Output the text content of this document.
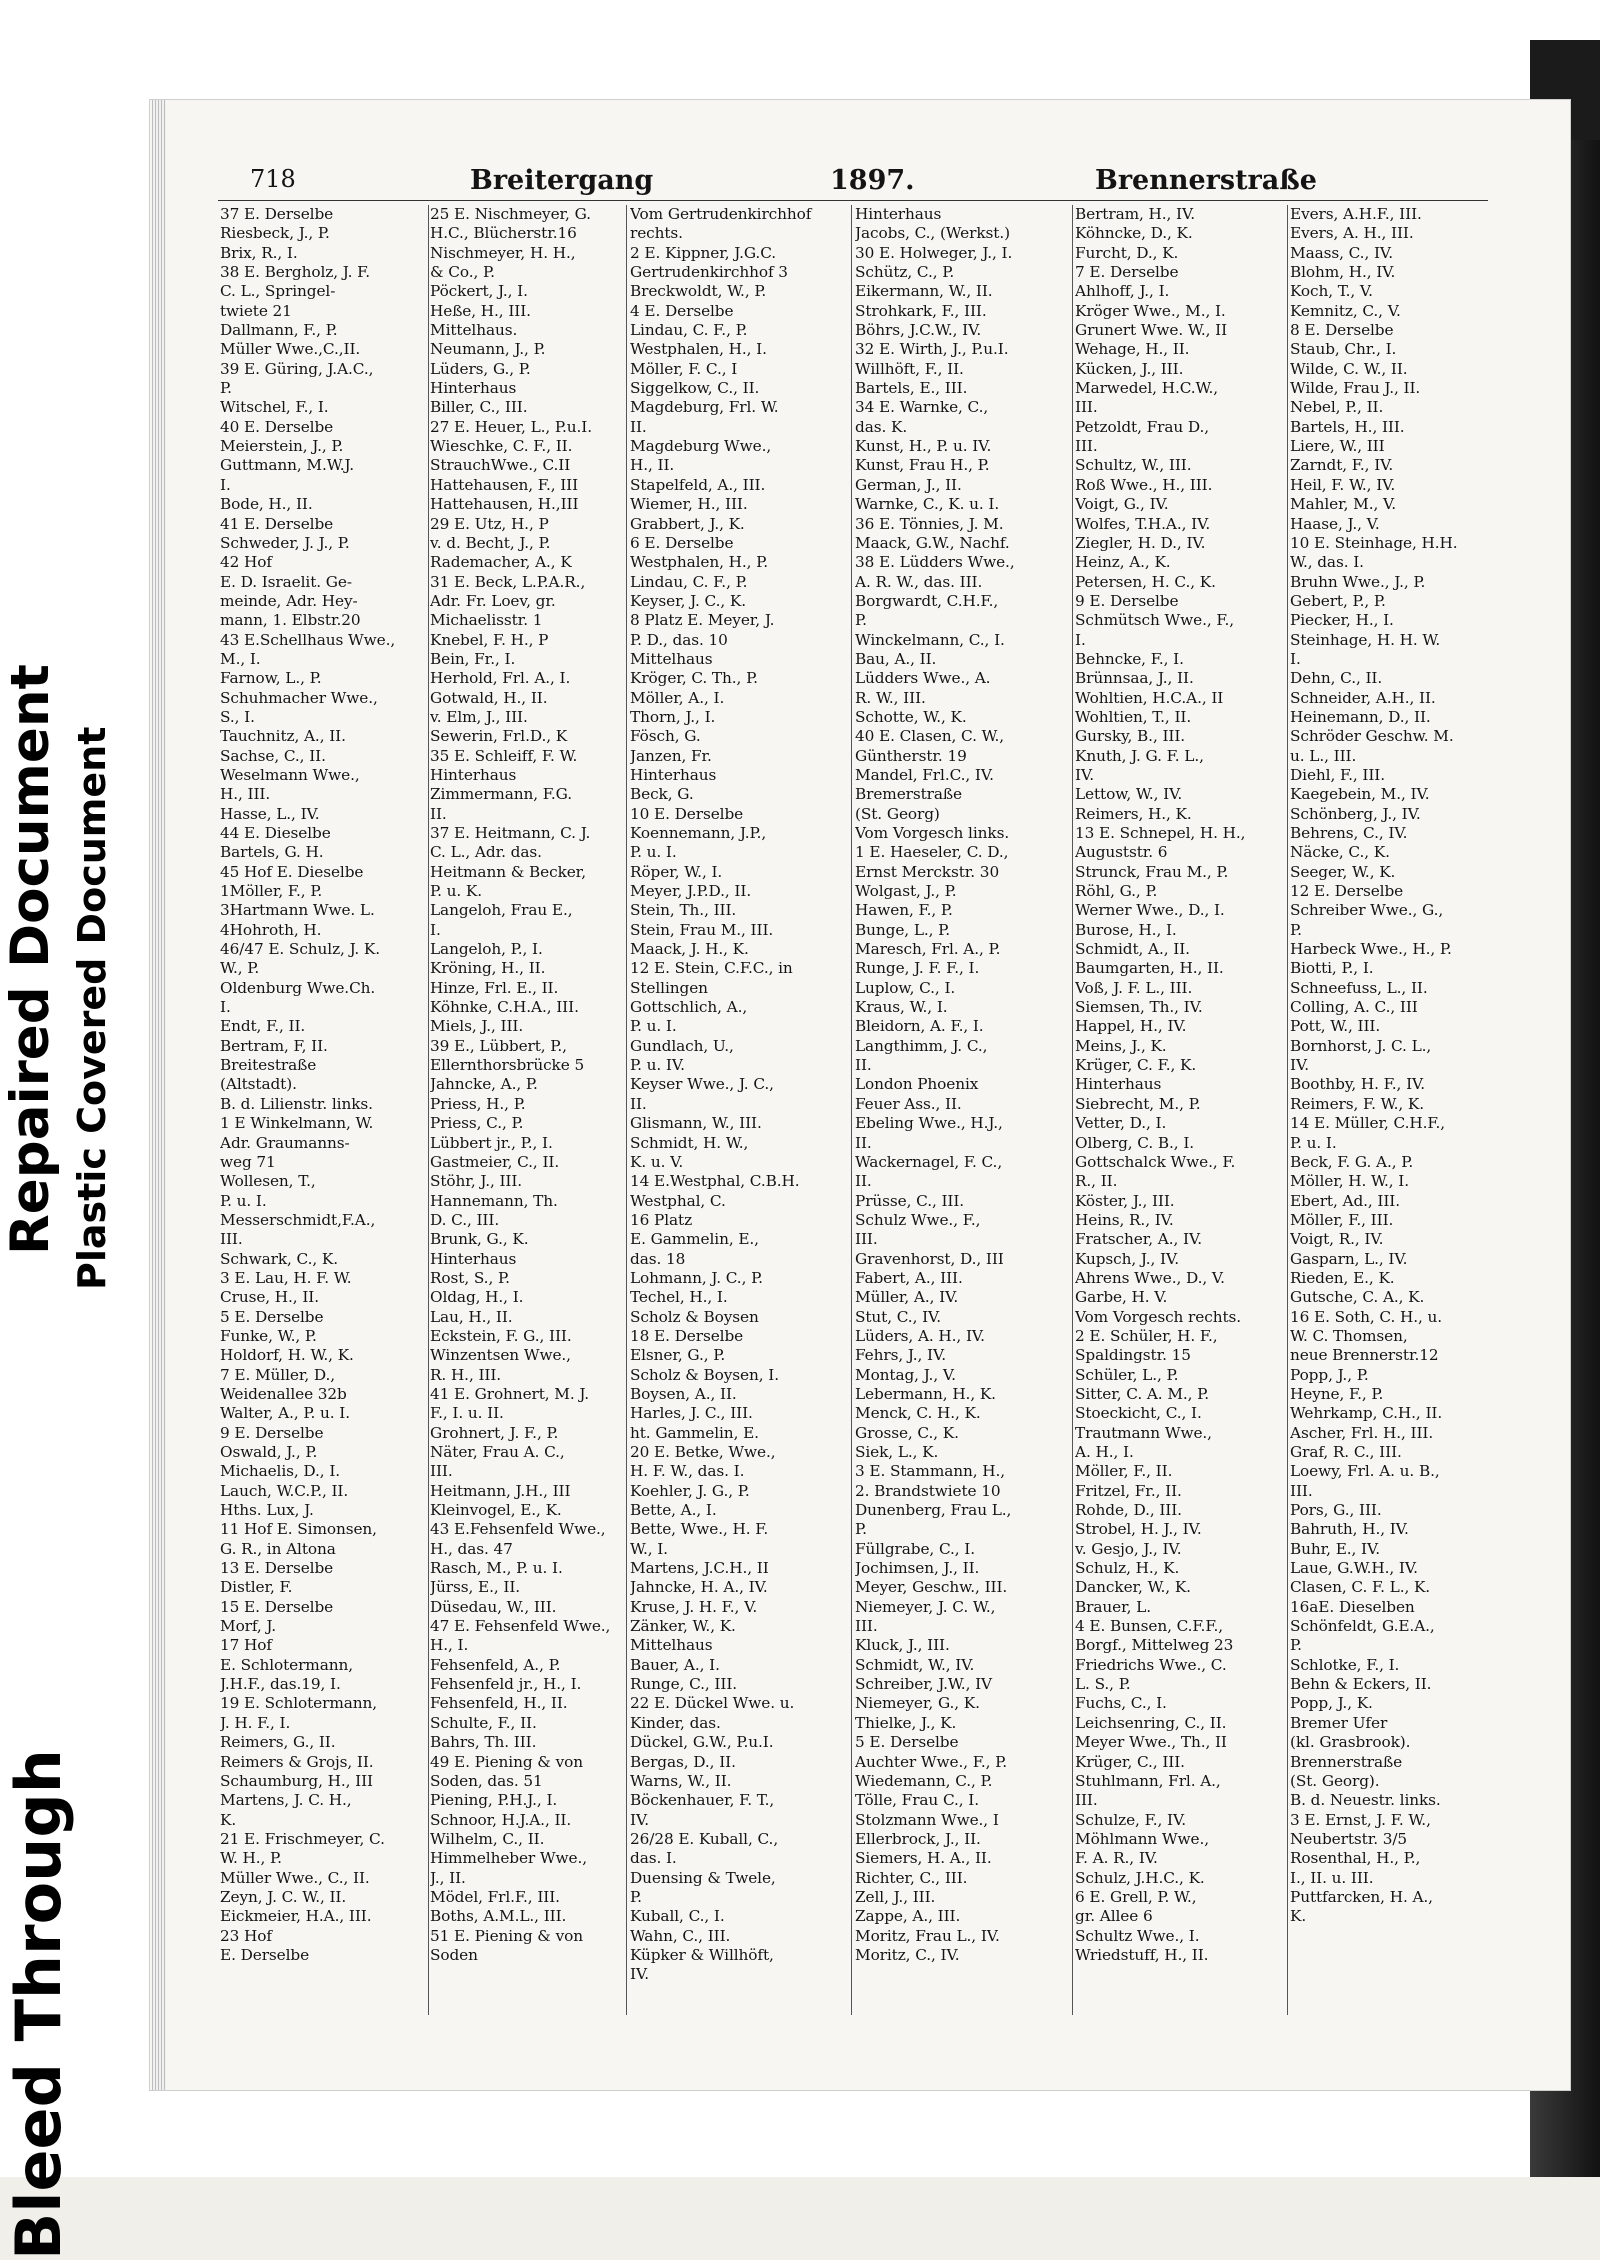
Bleed Through
Repaired Document Plastic Covered Document
718	Breitergang	1897.	Brennerstraße
37 E. Derselbe
Riesbeck, J., P.
Brix, R., I.
38 E. Bergholz, J. F.
C. L., Springel-
twiete 21
Dallmann, F., P.
Müller Wwe.,C.,II.
39 E. Güring, J.A.C.,
P.
Witschel, F., I.
40 E. Derselbe
Meierstein, J., P.
Guttmann, M.W.J.
I.
Bode, H., II.
41 E. Derselbe
Schweder, J. J., P.
42 Hof
E. D. Israelit. Ge-
meinde, Adr. Hey-
mann, 1. Elbstr.20
43 E.Schellhaus Wwe.,
M., I.
Farnow, L., P.
Schuhmacher Wwe.,
S., I.
Tauchnitz, A., II.
Sachse, C., II.
Weselmann Wwe.,
H., III.
Hasse, L., IV.
44 E. Dieselbe
Bartels, G. H.
45 Hof E. Dieselbe
1Möller, F., P.
3Hartmann Wwe. L.
4Hohroth, H.
46/47 E. Schulz, J. K.
W., P.
Oldenburg Wwe.Ch.
I.
Endt, F., II.
Bertram, F, II.
Breitestraße
(Altstadt).
B. d. Lilienstr. links.
1 E Winkelmann, W.
Adr. Graumanns-
weg 71
Wollesen, T.,
P. u. I.
Messerschmidt,F.A.,
III.
Schwark, C., K.
3 E. Lau, H. F. W.
Cruse, H., II.
5 E. Derselbe
Funke, W., P.
Holdorf, H. W., K.
7 E. Müller, D.,
Weidenallee 32b
Walter, A., P. u. I.
9 E. Derselbe
Oswald, J., P.
Michaelis, D., I.
Lauch, W.C.P., II.
Hths. Lux, J.
11 Hof E. Simonsen,
G. R., in Altona
13 E. Derselbe
Distler, F.
15 E. Derselbe
Morf, J.
17 Hof
E. Schlotermann,
J.H.F., das.19, I.
19 E. Schlotermann,
J. H. F., I.
Reimers, G., II.
Reimers & Grojs, II.
Schaumburg, H., III
Martens, J. C. H.,
K.
21 E. Frischmeyer, C.
W. H., P.
Müller Wwe., C., II.
Zeyn, J. C. W., II.
Eickmeier, H.A., III.
23 Hof
E. Derselbe
25 E. Nischmeyer, G.
H.C., Blücherstr.16
Nischmeyer, H. H.,
& Co., P.
Pöckert, J., I.
Heße, H., III.
Mittelhaus.
Neumann, J., P.
Lüders, G., P.
Hinterhaus
Biller, C., III.
27 E. Heuer, L., P.u.I.
Wieschke, C. F., II.
StrauchWwe., C.II
Hattehausen, F., III
Hattehausen, H.,III
29 E. Utz, H., P
v. d. Becht, J., P.
Rademacher, A., K
31 E. Beck, L.P.A.R.,
Adr. Fr. Loev, gr.
Michaelisstr. 1
Knebel, F. H., P
Bein, Fr., I.
Herhold, Frl. A., I.
Gotwald, H., II.
v. Elm, J., III.
Sewerin, Frl.D., K
35 E. Schleiff, F. W.
Hinterhaus
Zimmermann, F.G.
II.
37 E. Heitmann, C. J.
C. L., Adr. das.
Heitmann & Becker,
P. u. K.
Langeloh, Frau E.,
I.
Langeloh, P., I.
Kröning, H., II.
Hinze, Frl. E., II.
Köhnke, C.H.A., III.
Miels, J., III.
39 E., Lübbert, P.,
Ellernthorsbrücke 5
Jahncke, A., P.
Priess, H., P.
Priess, C., P.
Lübbert jr., P., I.
Gastmeier, C., II.
Stöhr, J., III.
Hannemann, Th.
D. C., III.
Brunk, G., K.
Hinterhaus
Rost, S., P.
Oldag, H., I.
Lau, H., II.
Eckstein, F. G., III.
Winzentsen Wwe.,
R. H., III.
41 E. Grohnert, M. J.
F., I. u. II.
Grohnert, J. F., P.
Näter, Frau A. C.,
III.
Heitmann, J.H., III
Kleinvogel, E., K.
43 E.Fehsenfeld Wwe.,
H., das. 47
Rasch, M., P. u. I.
Jürss, E., II.
Düsedau, W., III.
47 E. Fehsenfeld Wwe.,
H., I.
Fehsenfeld, A., P.
Fehsenfeld jr., H., I.
Fehsenfeld, H., II.
Schulte, F., II.
Bahrs, Th. III.
49 E. Piening & von
Soden, das. 51
Piening, P.H.J., I.
Schnoor, H.J.A., II.
Wilhelm, C., II.
Himmelheber Wwe.,
J., II.
Mödel, Frl.F., III.
Boths, A.M.L., III.
51 E. Piening & von
Soden
Vom Gertrudenkirchhof
rechts.
2 E. Kippner, J.G.C.
Gertrudenkirchhof 3
Breckwoldt, W., P.
4 E. Derselbe
Lindau, C. F., P.
Westphalen, H., I.
Möller, F. C., I
Siggelkow, C., II.
Magdeburg, Frl. W.
II.
Magdeburg Wwe.,
H., II.
Stapelfeld, A., III.
Wiemer, H., III.
Grabbert, J., K.
6 E. Derselbe
Westphalen, H., P.
Lindau, C. F., P.
Keyser, J. C., K.
8 Platz E. Meyer, J.
P. D., das. 10
Mittelhaus
Kröger, C. Th., P.
Möller, A., I.
Thorn, J., I.
Fösch, G.
Janzen, Fr.
Hinterhaus
Beck, G.
10 E. Derselbe
Koennemann, J.P.,
P. u. I.
Röper, W., I.
Meyer, J.P.D., II.
Stein, Th., III.
Stein, Frau M., III.
Maack, J. H., K.
12 E. Stein, C.F.C., in
Stellingen
Gottschlich, A.,
P. u. I.
Gundlach, U.,
P. u. IV.
Keyser Wwe., J. C.,
II.
Glismann, W., III.
Schmidt, H. W.,
K. u. V.
14 E.Westphal, C.B.H.
Westphal, C.
16 Platz
E. Gammelin, E.,
das. 18
Lohmann, J. C., P.
Techel, H., I.
Scholz & Boysen
18 E. Derselbe
Elsner, G., P.
Scholz & Boysen, I.
Boysen, A., II.
Harles, J. C., III.
ht. Gammelin, E.
20 E. Betke, Wwe.,
H. F. W., das. I.
Koehler, J. G., P.
Bette, A., I.
Bette, Wwe., H. F.
W., I.
Martens, J.C.H., II
Jahncke, H. A., IV.
Kruse, J. H. F., V.
Zänker, W., K.
Mittelhaus
Bauer, A., I.
Runge, C., III.
22 E. Dückel Wwe. u.
Kinder, das.
Dückel, G.W., P.u.I.
Bergas, D., II.
Warns, W., II.
Böckenhauer, F. T.,
IV.
26/28 E. Kuball, C.,
das. I.
Duensing & Twele,
P.
Kuball, C., I.
Wahn, C., III.
Küpker & Willhöft,
IV.
Hinterhaus
Jacobs, C., (Werkst.)
30 E. Holweger, J., I.
Schütz, C., P.
Eikermann, W., II.
Strohkark, F., III.
Böhrs, J.C.W., IV.
32 E. Wirth, J., P.u.I.
Willhöft, F., II.
Bartels, E., III.
34 E. Warnke, C.,
das. K.
Kunst, H., P. u. IV.
Kunst, Frau H., P.
German, J., II.
Warnke, C., K. u. I.
36 E. Tönnies, J. M.
Maack, G.W., Nachf.
38 E. Lüdders Wwe.,
A. R. W., das. III.
Borgwardt, C.H.F.,
P.
Winckelmann, C., I.
Bau, A., II.
Lüdders Wwe., A.
R. W., III.
Schotte, W., K.
40 E. Clasen, C. W.,
Güntherstr. 19
Mandel, Frl.C., IV.
Bremerstraße
(St. Georg)
Vom Vorgesch links.
1 E. Haeseler, C. D.,
Ernst Merckstr. 30
Wolgast, J., P.
Hawen, F., P.
Bunge, L., P.
Maresch, Frl. A., P.
Runge, J. F. F., I.
Luplow, C., I.
Kraus, W., I.
Bleidorn, A. F., I.
Langthimm, J. C.,
II.
London Phoenix
Feuer Ass., II.
Ebeling Wwe., H.J.,
II.
Wackernagel, F. C.,
II.
Prüsse, C., III.
Schulz Wwe., F.,
III.
Gravenhorst, D., III
Fabert, A., III.
Müller, A., IV.
Stut, C., IV.
Lüders, A. H., IV.
Fehrs, J., IV.
Montag, J., V.
Lebermann, H., K.
Menck, C. H., K.
Grosse, C., K.
Siek, L., K.
3 E. Stammann, H.,
2. Brandstwiete 10
Dunenberg, Frau L.,
P.
Füllgrabe, C., I.
Jochimsen, J., II.
Meyer, Geschw., III.
Niemeyer, J. C. W.,
III.
Kluck, J., III.
Schmidt, W., IV.
Schreiber, J.W., IV
Niemeyer, G., K.
Thielke, J., K.
5 E. Derselbe
Auchter Wwe., F., P.
Wiedemann, C., P.
Tölle, Frau C., I.
Stolzmann Wwe., I
Ellerbrock, J., II.
Siemers, H. A., II.
Richter, C., III.
Zell, J., III.
Zappe, A., III.
Moritz, Frau L., IV.
Moritz, C., IV.
Bertram, H., IV.
Köhncke, D., K.
Furcht, D., K.
7 E. Derselbe
Ahlhoff, J., I.
Kröger Wwe., M., I.
Grunert Wwe. W., II
Wehage, H., II.
Kücken, J., III.
Marwedel, H.C.W.,
III.
Petzoldt, Frau D.,
III.
Schultz, W., III.
Roß Wwe., H., III.
Voigt, G., IV.
Wolfes, T.H.A., IV.
Ziegler, H. D., IV.
Heinz, A., K.
Petersen, H. C., K.
9 E. Derselbe
Schmütsch Wwe., F.,
I.
Behncke, F., I.
Brünnsaa, J., II.
Wohltien, H.C.A., II
Wohltien, T., II.
Gursky, B., III.
Knuth, J. G. F. L.,
IV.
Lettow, W., IV.
Reimers, H., K.
13 E. Schnepel, H. H.,
Auguststr. 6
Strunck, Frau M., P.
Röhl, G., P.
Werner Wwe., D., I.
Burose, H., I.
Schmidt, A., II.
Baumgarten, H., II.
Voß, J. F. L., III.
Siemsen, Th., IV.
Happel, H., IV.
Meins, J., K.
Krüger, C. F., K.
Hinterhaus
Siebrecht, M., P.
Vetter, D., I.
Olberg, C. B., I.
Gottschalck Wwe., F.
R., II.
Köster, J., III.
Heins, R., IV.
Fratscher, A., IV.
Kupsch, J., IV.
Ahrens Wwe., D., V.
Garbe, H. V.
Vom Vorgesch rechts.
2 E. Schüler, H. F.,
Spaldingstr. 15
Schüler, L., P.
Sitter, C. A. M., P.
Stoeckicht, C., I.
Trautmann Wwe.,
A. H., I.
Möller, F., II.
Fritzel, Fr., II.
Rohde, D., III.
Strobel, H. J., IV.
v. Gesjo, J., IV.
Schulz, H., K.
Dancker, W., K.
Brauer, L.
4 E. Bunsen, C.F.F.,
Borgf., Mittelweg 23
Friedrichs Wwe., C.
L. S., P.
Fuchs, C., I.
Leichsenring, C., II.
Meyer Wwe., Th., II
Krüger, C., III.
Stuhlmann, Frl. A.,
III.
Schulze, F., IV.
Möhlmann Wwe.,
F. A. R., IV.
Schulz, J.H.C., K.
6 E. Grell, P. W.,
gr. Allee 6
Schultz Wwe., I.
Wriedstuff, H., II.
Evers, A.H.F., III.
Evers, A. H., III.
Maass, C., IV.
Blohm, H., IV.
Koch, T., V.
Kemnitz, C., V.
8 E. Derselbe
Staub, Chr., I.
Wilde, C. W., II.
Wilde, Frau J., II.
Nebel, P., II.
Bartels, H., III.
Liere, W., III
Zarndt, F., IV.
Heil, F. W., IV.
Mahler, M., V.
Haase, J., V.
10 E. Steinhage, H.H.
W., das. I.
Bruhn Wwe., J., P.
Gebert, P., P.
Piecker, H., I.
Steinhage, H. H. W.
I.
Dehn, C., II.
Schneider, A.H., II.
Heinemann, D., II.
Schröder Geschw. M.
u. L., III.
Diehl, F., III.
Kaegebein, M., IV.
Schönberg, J., IV.
Behrens, C., IV.
Näcke, C., K.
Seeger, W., K.
12 E. Derselbe
Schreiber Wwe., G.,
P.
Harbeck Wwe., H., P.
Biotti, P., I.
Schneefuss, L., II.
Colling, A. C., III
Pott, W., III.
Bornhorst, J. C. L.,
IV.
Boothby, H. F., IV.
Reimers, F. W., K.
14 E. Müller, C.H.F.,
P. u. I.
Beck, F. G. A., P.
Möller, H. W., I.
Ebert, Ad., III.
Möller, F., III.
Voigt, R., IV.
Gasparn, L., IV.
Rieden, E., K.
Gutsche, C. A., K.
16 E. Soth, C. H., u.
W. C. Thomsen,
neue Brennerstr.12
Popp, J., P.
Heyne, F., P.
Wehrkamp, C.H., II.
Ascher, Frl. H., III.
Graf, R. C., III.
Loewy, Frl. A. u. B.,
III.
Pors, G., III.
Bahruth, H., IV.
Buhr, E., IV.
Laue, G.W.H., IV.
Clasen, C. F. L., K.
16aE. Dieselben
Schönfeldt, G.E.A.,
P.
Schlotke, F., I.
Behn & Eckers, II.
Popp, J., K.
Bremer Ufer
(kl. Grasbrook).
Brennerstraße
(St. Georg).
B. d. Neuestr. links.
3 E. Ernst, J. F. W.,
Neubertstr. 3/5
Rosenthal, H., P.,
I., II. u. III.
Puttfarcken, H. A.,
K.
